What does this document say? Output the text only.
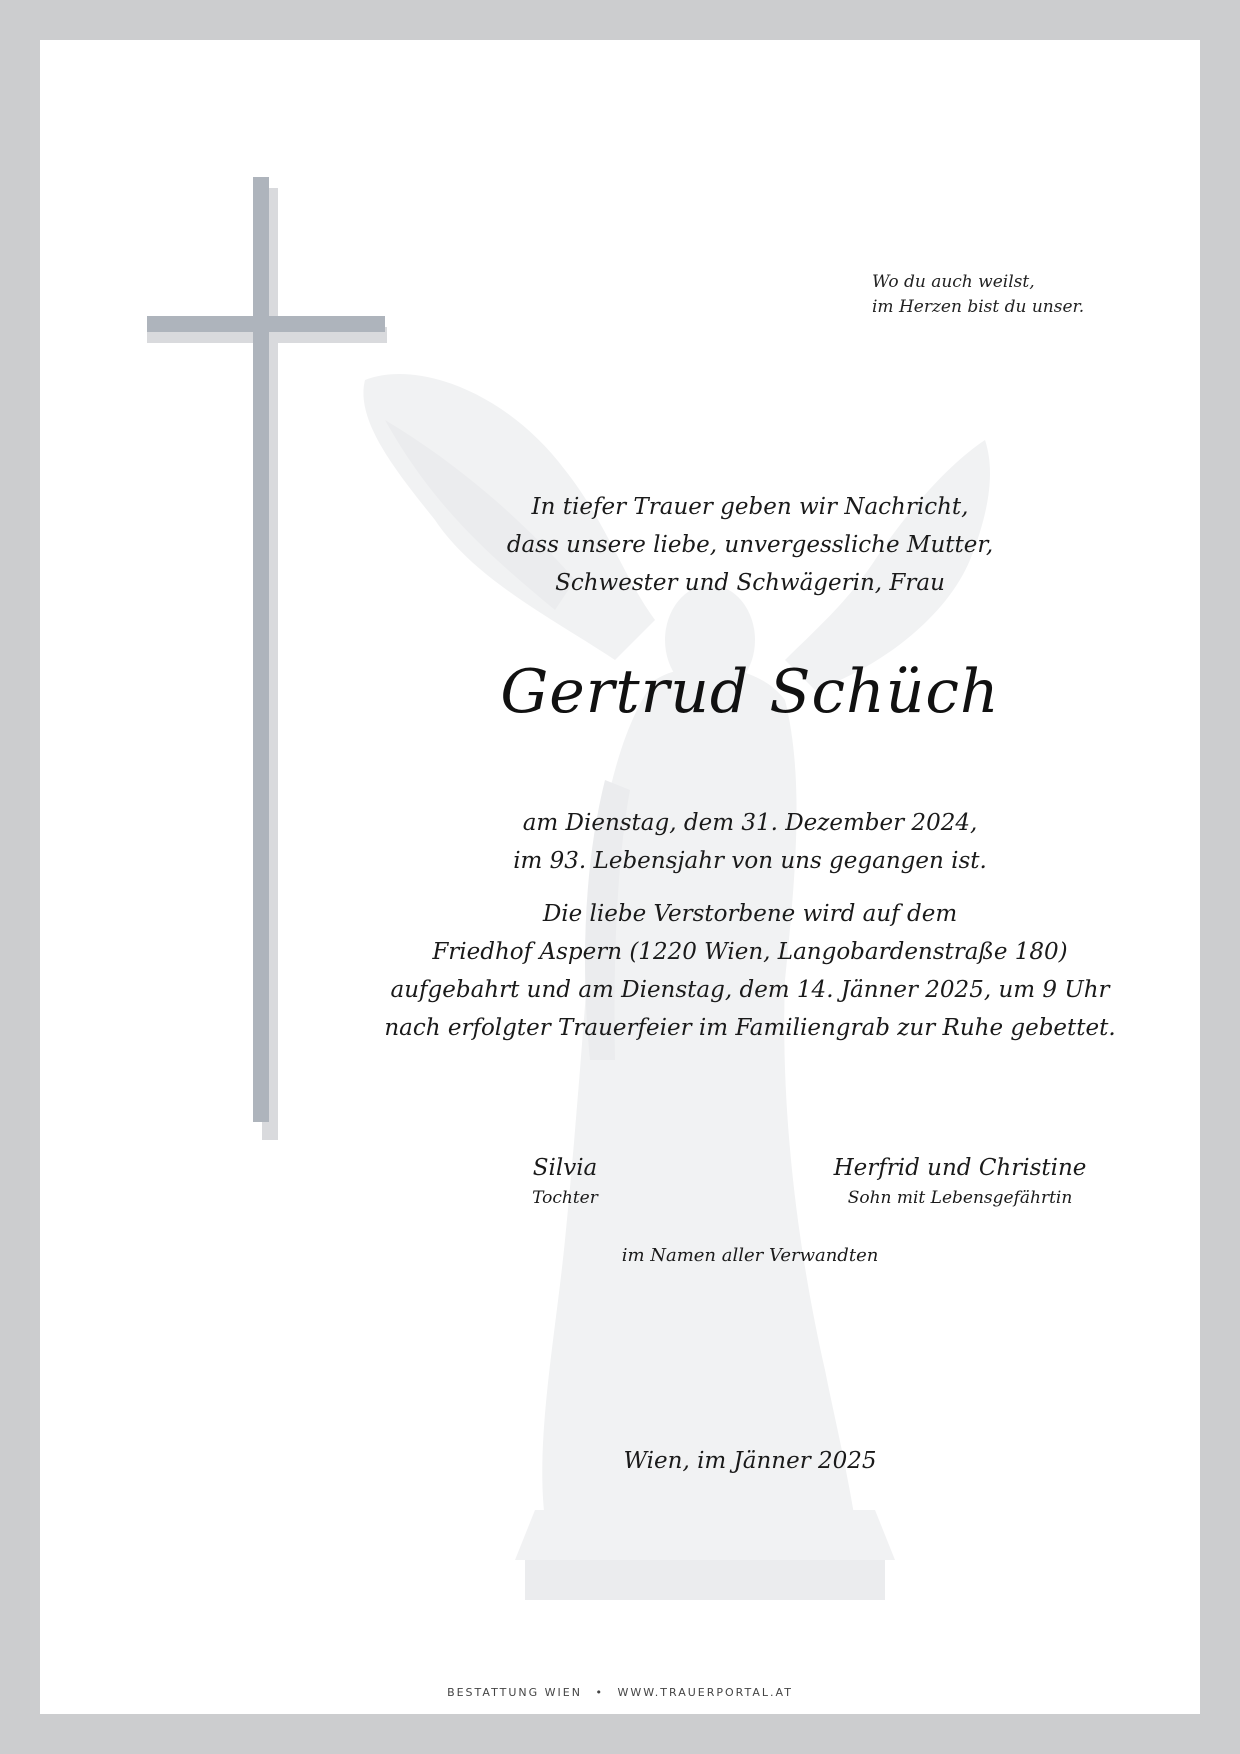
Wo du auch weilst,
im Herzen bist du unser.
In tiefer Trauer geben wir Nachricht,
dass unsere liebe, unvergessliche Mutter,
Schwester und Schwägerin, Frau
Gertrud Schüch
am Dienstag, dem 31. Dezember 2024,
im 93. Lebensjahr von uns gegangen ist.
Die liebe Verstorbene wird auf dem
Friedhof Aspern (1220 Wien, Langobardenstraße 180)
aufgebahrt und am Dienstag, dem 14. Jänner 2025, um 9 Uhr
nach erfolgter Trauerfeier im Familiengrab zur Ruhe gebettet.
Silvia
Tochter
Herfrid und Christine
Sohn mit Lebensgefährtin
im Namen aller Verwandten
Wien, im Jänner 2025
BESTATTUNG WIEN • WWW.TRAUERPORTAL.AT
